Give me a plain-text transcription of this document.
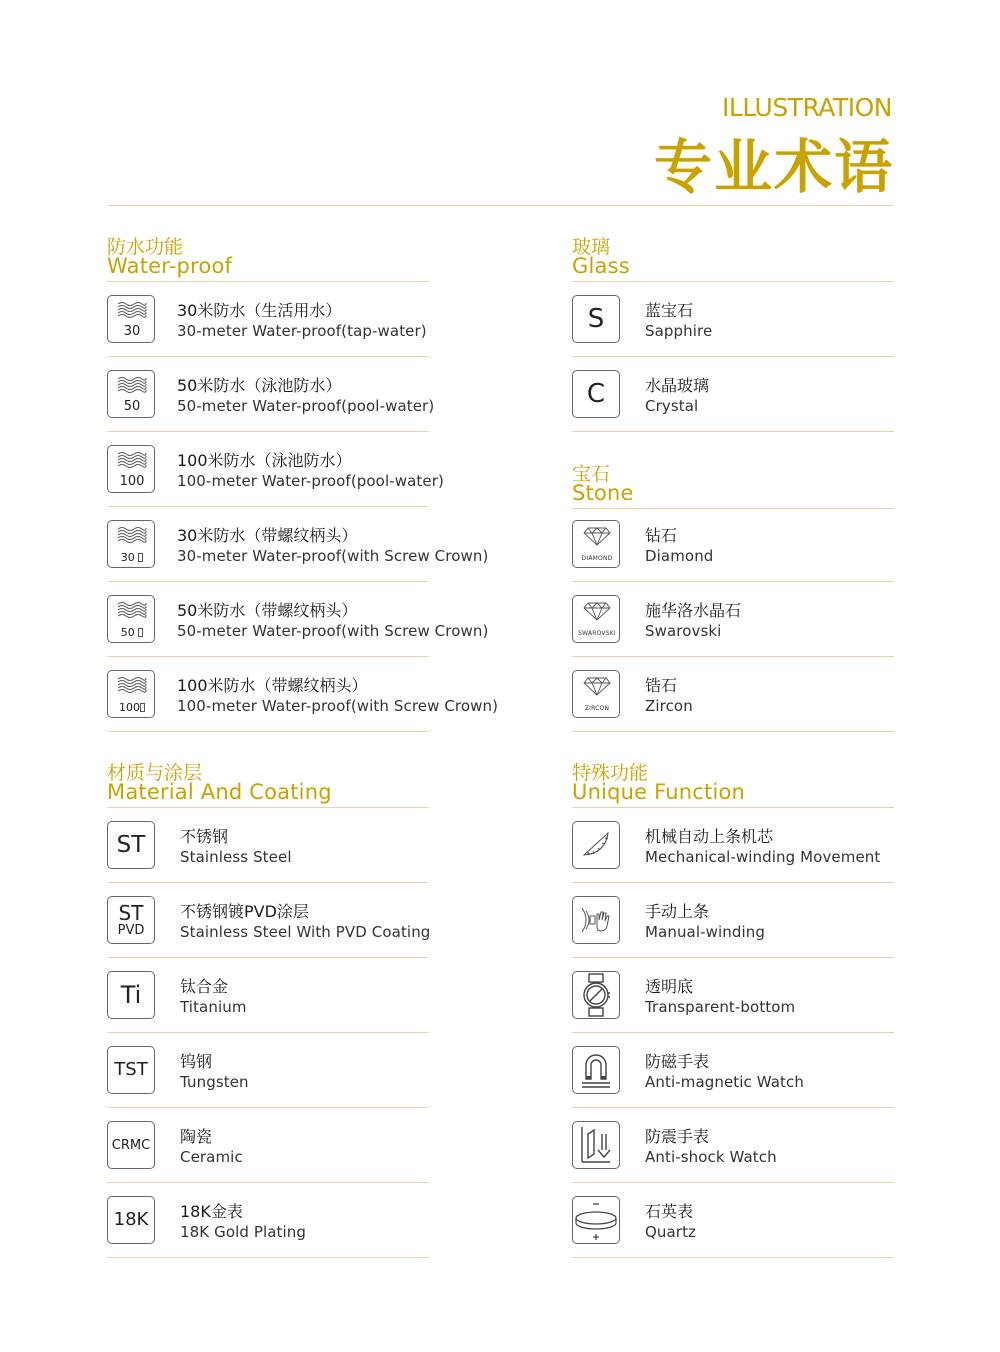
ILLUSTRATION
专业术语
防水功能
Water-proof
30
30米防水（生活用水）
30-meter Water-proof(tap-water)
50
50米防水（泳池防水）
50-meter Water-proof(pool-water)
100
100米防水（泳池防水）
100-meter Water-proof(pool-water)
30
30米防水（带螺纹柄头）
30-meter Water-proof(with Screw Crown)
50
50米防水（带螺纹柄头）
50-meter Water-proof(with Screw Crown)
100
100米防水（带螺纹柄头）
100-meter Water-proof(with Screw Crown)
材质与涂层
Material And Coating
ST 不锈钢
Stainless Steel
ST
PVD
不锈钢镀PVD涂层
Stainless Steel With PVD Coating
Ti 钛合金
Titanium
TST 钨钢
Tungsten
CRMC 陶瓷
Ceramic
18K 18K金表
18K Gold Plating
玻璃
Glass
S	蓝宝石
Sapphire
C 水晶玻璃
Crystal
宝石
Stone
DIAMOND
钻石
Diamond
SWAROVSKI
施华洛水晶石
Swarovski
ZIRCON
锆石
Zircon
特殊功能
Unique Function
机械自动上条机芯
Mechanical-winding Movement
手动上条
Manual-winding
透明底
Transparent-bottom
防磁手表
Anti-magnetic Watch
防震手表
Anti-shock Watch
石英表
Quartz
